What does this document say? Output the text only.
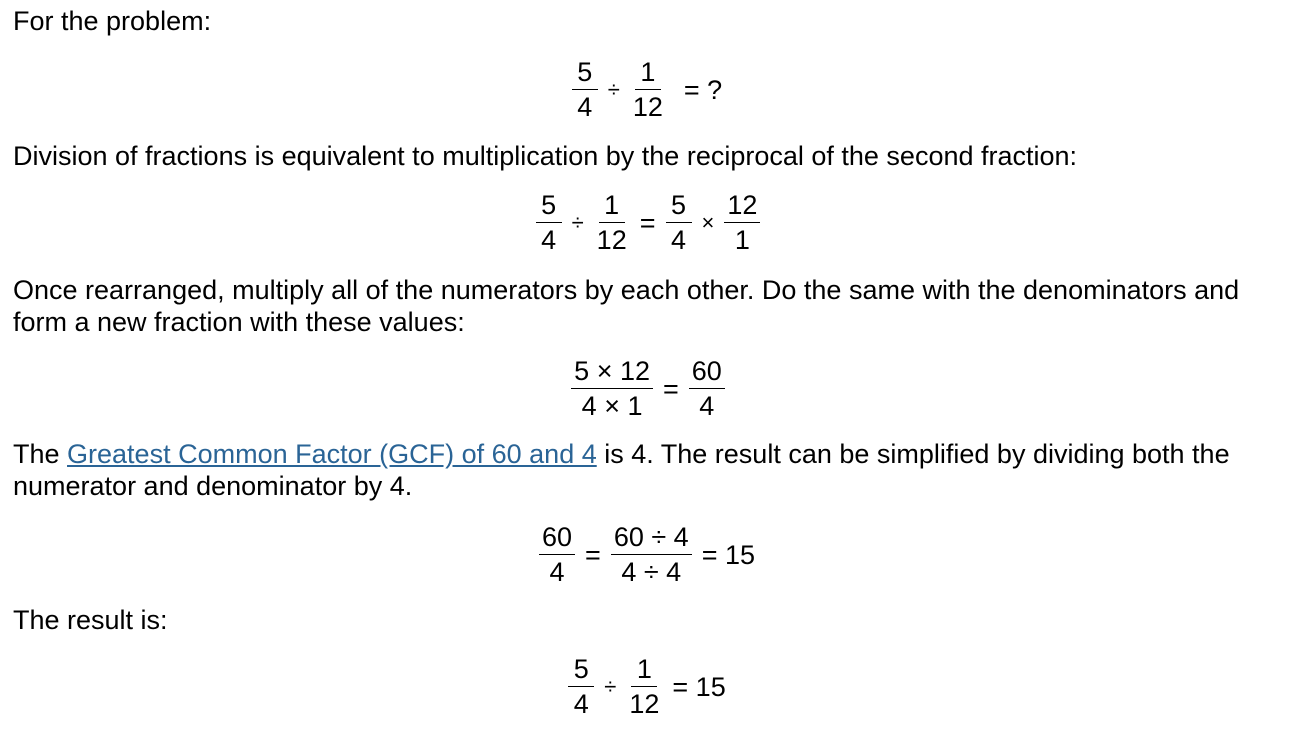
For the problem:

$\frac{5}{4} \div \frac{1}{12}$ = ?

Division of fractions is equivalent to multiplication by the reciprocal of the second fraction:

$\frac{5}{4} \div \frac{1}{12} = \frac{5}{4} \times \frac{12}{1}$

Once rearranged, multiply all of the numerators by each other. Do the same with the denominators and form a new fraction with these values:

$\frac{5 \times 12}{4 \times 1} = \frac{60}{4}$

The Greatest Common Factor (GCF) of 60 and 4 is 4. The result can be simplified by dividing both the numerator and denominator by 4.

$\frac{60}{4} = \frac{60 \div 4}{4 \div 4} = 15$

The result is:

$\frac{5}{4} \div \frac{1}{12} = 15$
